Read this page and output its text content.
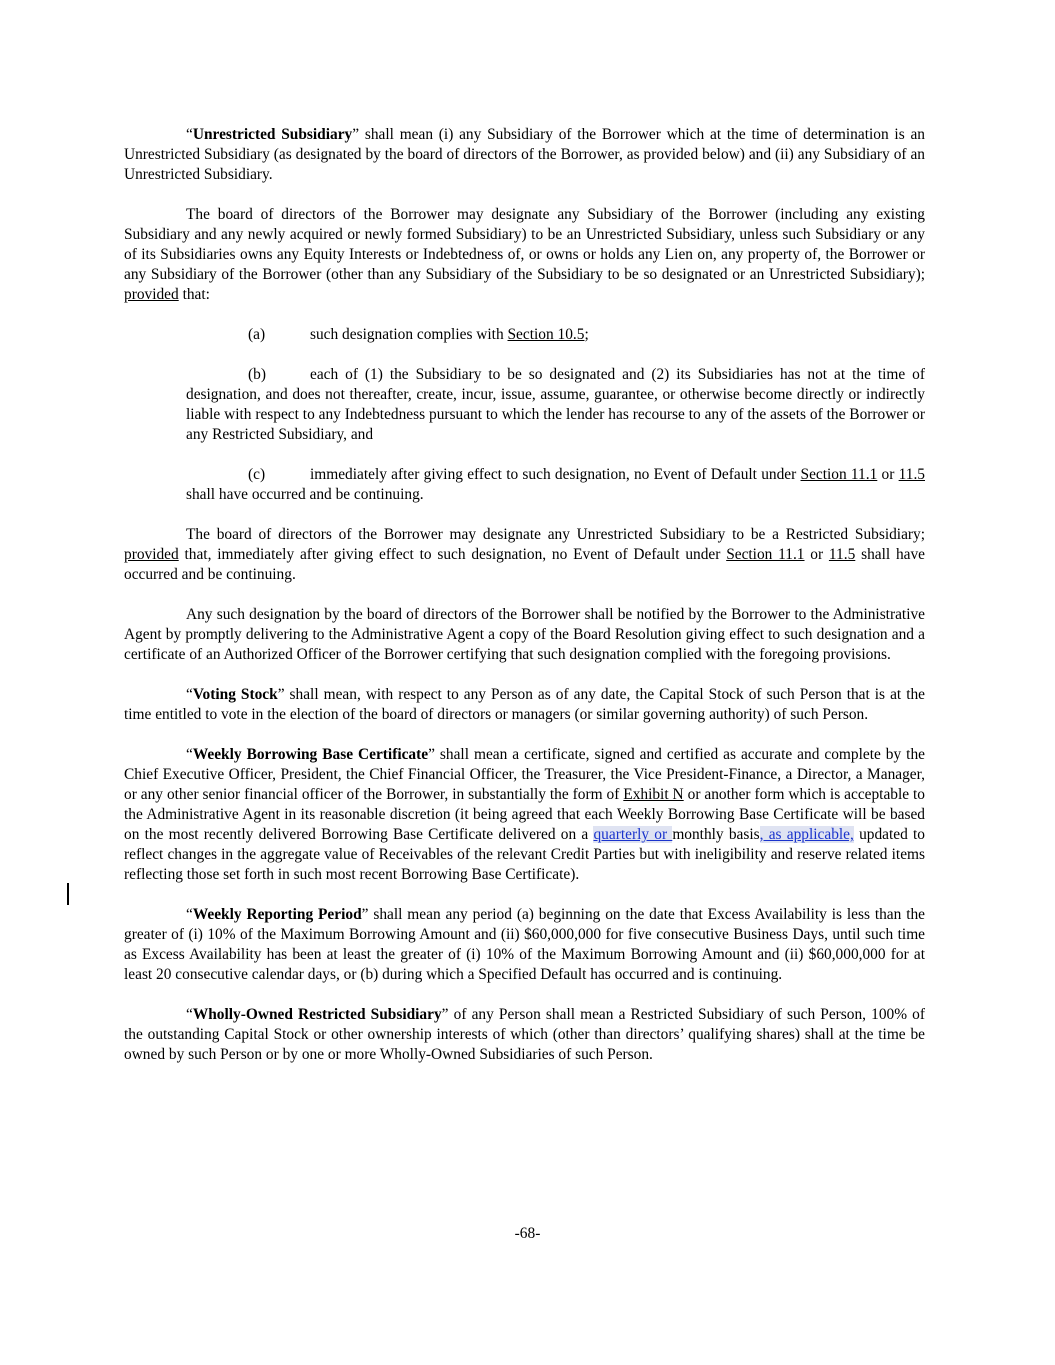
“Unrestricted Subsidiary” shall mean (i) any Subsidiary of the Borrower which at the time of determination is an Unrestricted Subsidiary (as designated by the board of directors of the Borrower, as provided below) and (ii) any Subsidiary of an Unrestricted Subsidiary.

The board of directors of the Borrower may designate any Subsidiary of the Borrower (including any existing Subsidiary and any newly acquired or newly formed Subsidiary) to be an Unrestricted Subsidiary, unless such Subsidiary or any of its Subsidiaries owns any Equity Interests or Indebtedness of, or owns or holds any Lien on, any property of, the Borrower or any Subsidiary of the Borrower (other than any Subsidiary of the Subsidiary to be so designated or an Unrestricted Subsidiary); provided that:

(a)	such designation complies with Section 10.5;

(b)	each of (1) the Subsidiary to be so designated and (2) its Subsidiaries has not at the time of designation, and does not thereafter, create, incur, issue, assume, guarantee, or otherwise become directly or indirectly liable with respect to any Indebtedness pursuant to which the lender has recourse to any of the assets of the Borrower or any Restricted Subsidiary, and

(c)	immediately after giving effect to such designation, no Event of Default under Section 11.1 or 11.5 shall have occurred and be continuing.

The board of directors of the Borrower may designate any Unrestricted Subsidiary to be a Restricted Subsidiary; provided that, immediately after giving effect to such designation, no Event of Default under Section 11.1 or 11.5 shall have occurred and be continuing.

Any such designation by the board of directors of the Borrower shall be notified by the Borrower to the Administrative Agent by promptly delivering to the Administrative Agent a copy of the Board Resolution giving effect to such designation and a certificate of an Authorized Officer of the Borrower certifying that such designation complied with the foregoing provisions.

“Voting Stock” shall mean, with respect to any Person as of any date, the Capital Stock of such Person that is at the time entitled to vote in the election of the board of directors or managers (or similar governing authority) of such Person.

“Weekly Borrowing Base Certificate” shall mean a certificate, signed and certified as accurate and complete by the Chief Executive Officer, President, the Chief Financial Officer, the Treasurer, the Vice President-Finance, a Director, a Manager, or any other senior financial officer of the Borrower, in substantially the form of Exhibit N or another form which is acceptable to the Administrative Agent in its reasonable discretion (it being agreed that each Weekly Borrowing Base Certificate will be based on the most recently delivered Borrowing Base Certificate delivered on a quarterly or monthly basis, as applicable, updated to reflect changes in the aggregate value of Receivables of the relevant Credit Parties but with ineligibility and reserve related items reflecting those set forth in such most recent Borrowing Base Certificate).

“Weekly Reporting Period” shall mean any period (a) beginning on the date that Excess Availability is less than the greater of (i) 10% of the Maximum Borrowing Amount and (ii) $60,000,000 for five consecutive Business Days, until such time as Excess Availability has been at least the greater of (i) 10% of the Maximum Borrowing Amount and (ii) $60,000,000 for at least 20 consecutive calendar days, or (b) during which a Specified Default has occurred and is continuing.

“Wholly-Owned Restricted Subsidiary” of any Person shall mean a Restricted Subsidiary of such Person, 100% of the outstanding Capital Stock or other ownership interests of which (other than directors’ qualifying shares) shall at the time be owned by such Person or by one or more Wholly-Owned Subsidiaries of such Person.

-68-
